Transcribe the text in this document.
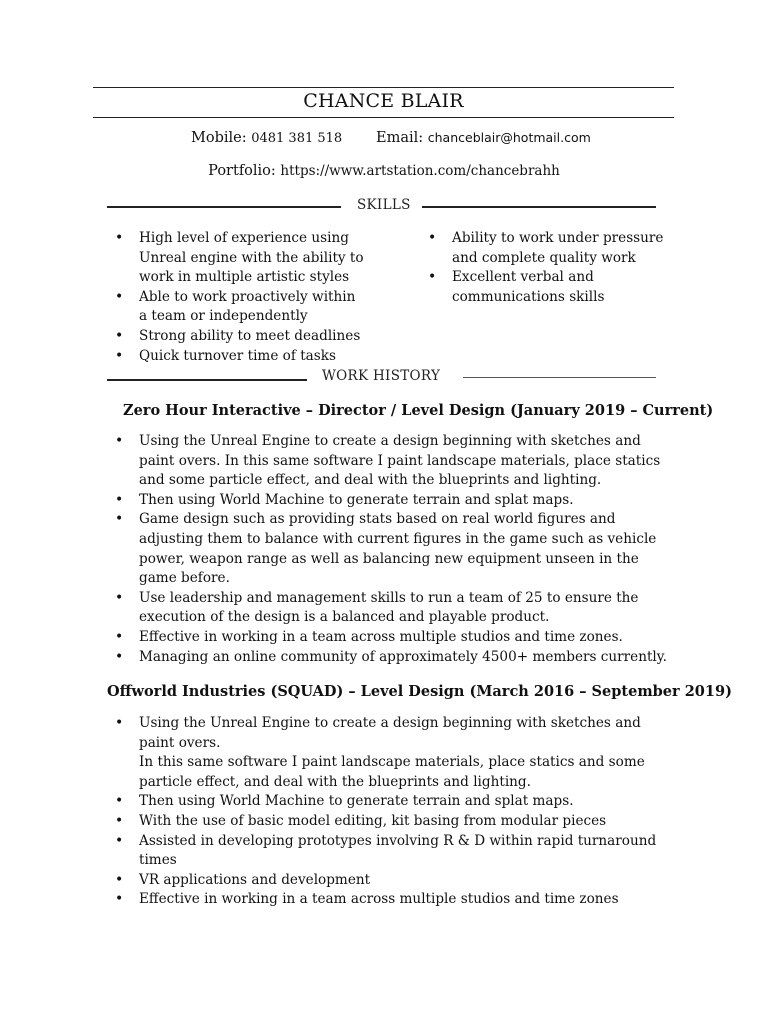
CHANCE BLAIR
Mobile: 0481 381 518 Email: chanceblair@hotmail.com
Portfolio: https://www.artstation.com/chancebrahh
SKILLS
• High level of experience using Unreal engine with the ability to work in multiple artistic styles
• Able to work proactively within a team or independently
• Strong ability to meet deadlines
• Quick turnover time of tasks
• Ability to work under pressure and complete quality work
• Excellent verbal and communications skills
WORK HISTORY
Zero Hour Interactive – Director / Level Design (January 2019 – Current)
• Using the Unreal Engine to create a design beginning with sketches and paint overs. In this same software I paint landscape materials, place statics and some particle effect, and deal with the blueprints and lighting.
• Then using World Machine to generate terrain and splat maps.
• Game design such as providing stats based on real world figures and adjusting them to balance with current figures in the game such as vehicle power, weapon range as well as balancing new equipment unseen in the game before.
• Use leadership and management skills to run a team of 25 to ensure the execution of the design is a balanced and playable product.
• Effective in working in a team across multiple studios and time zones.
• Managing an online community of approximately 4500+ members currently.
Offworld Industries (SQUAD) – Level Design (March 2016 – September 2019)
• Using the Unreal Engine to create a design beginning with sketches and paint overs.
In this same software I paint landscape materials, place statics and some particle effect, and deal with the blueprints and lighting.
• Then using World Machine to generate terrain and splat maps.
• With the use of basic model editing, kit basing from modular pieces
• Assisted in developing prototypes involving R & D within rapid turnaround times
• VR applications and development
• Effective in working in a team across multiple studios and time zones
